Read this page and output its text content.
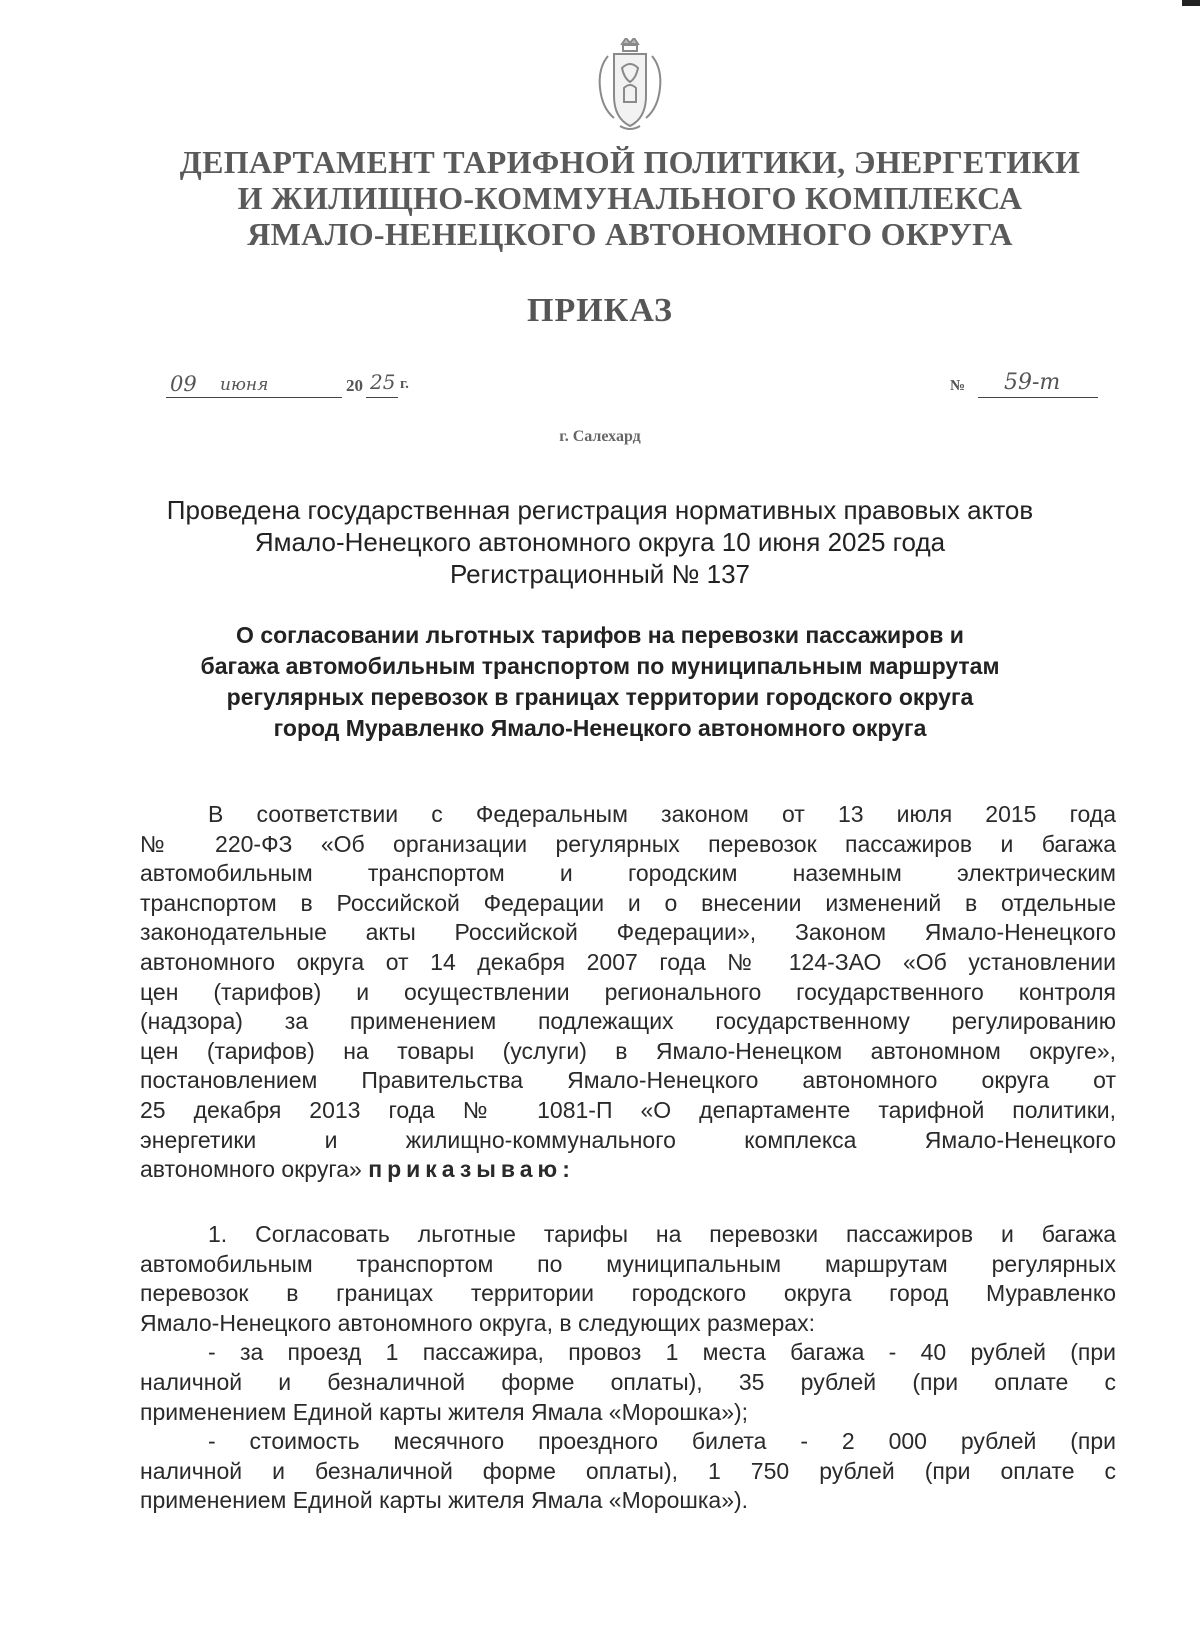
ДЕПАРТАМЕНТ ТАРИФНОЙ ПОЛИТИКИ, ЭНЕРГЕТИКИ
И ЖИЛИЩНО-КОММУНАЛЬНОГО КОМПЛЕКСА
ЯМАЛО-НЕНЕЦКОГО АВТОНОМНОГО ОКРУГА
ПРИКАЗ
09 июня	20 25 г.	№ 59-т
г. Салехард
Проведена государственная регистрация нормативных правовых актов
Ямало-Ненецкого автономного округа 10 июня 2025 года
Регистрационный № 137
О согласовании льготных тарифов на перевозки пассажиров и
багажа автомобильным транспортом по муниципальным маршрутам
регулярных перевозок в границах территории городского округа
город Муравленко Ямало-Ненецкого автономного округа
В соответствии с Федеральным законом от 13 июля 2015 года
№ 220-ФЗ «Об организации регулярных перевозок пассажиров и багажа
автомобильным транспортом и городским наземным электрическим
транспортом в Российской Федерации и о внесении изменений в отдельные
законодательные акты Российской Федерации», Законом Ямало-Ненецкого
автономного округа от 14 декабря 2007 года № 124-ЗАО «Об установлении
цен (тарифов) и осуществлении регионального государственного контроля
(надзора) за применением подлежащих государственному регулированию
цен (тарифов) на товары (услуги) в Ямало-Ненецком автономном округе»,
постановлением Правительства Ямало-Ненецкого автономного округа от
25 декабря 2013 года № 1081-П «О департаменте тарифной политики,
энергетики и жилищно-коммунального комплекса Ямало-Ненецкого
автономного округа» приказываю:
1. Согласовать льготные тарифы на перевозки пассажиров и багажа
автомобильным транспортом по муниципальным маршрутам регулярных
перевозок в границах территории городского округа город Муравленко
Ямало-Ненецкого автономного округа, в следующих размерах:
- за проезд 1 пассажира, провоз 1 места багажа - 40 рублей (при
наличной и безналичной форме оплаты), 35 рублей (при оплате с
применением Единой карты жителя Ямала «Морошка»);
- стоимость месячного проездного билета - 2 000 рублей (при
наличной и безналичной форме оплаты), 1 750 рублей (при оплате с
применением Единой карты жителя Ямала «Морошка»).
